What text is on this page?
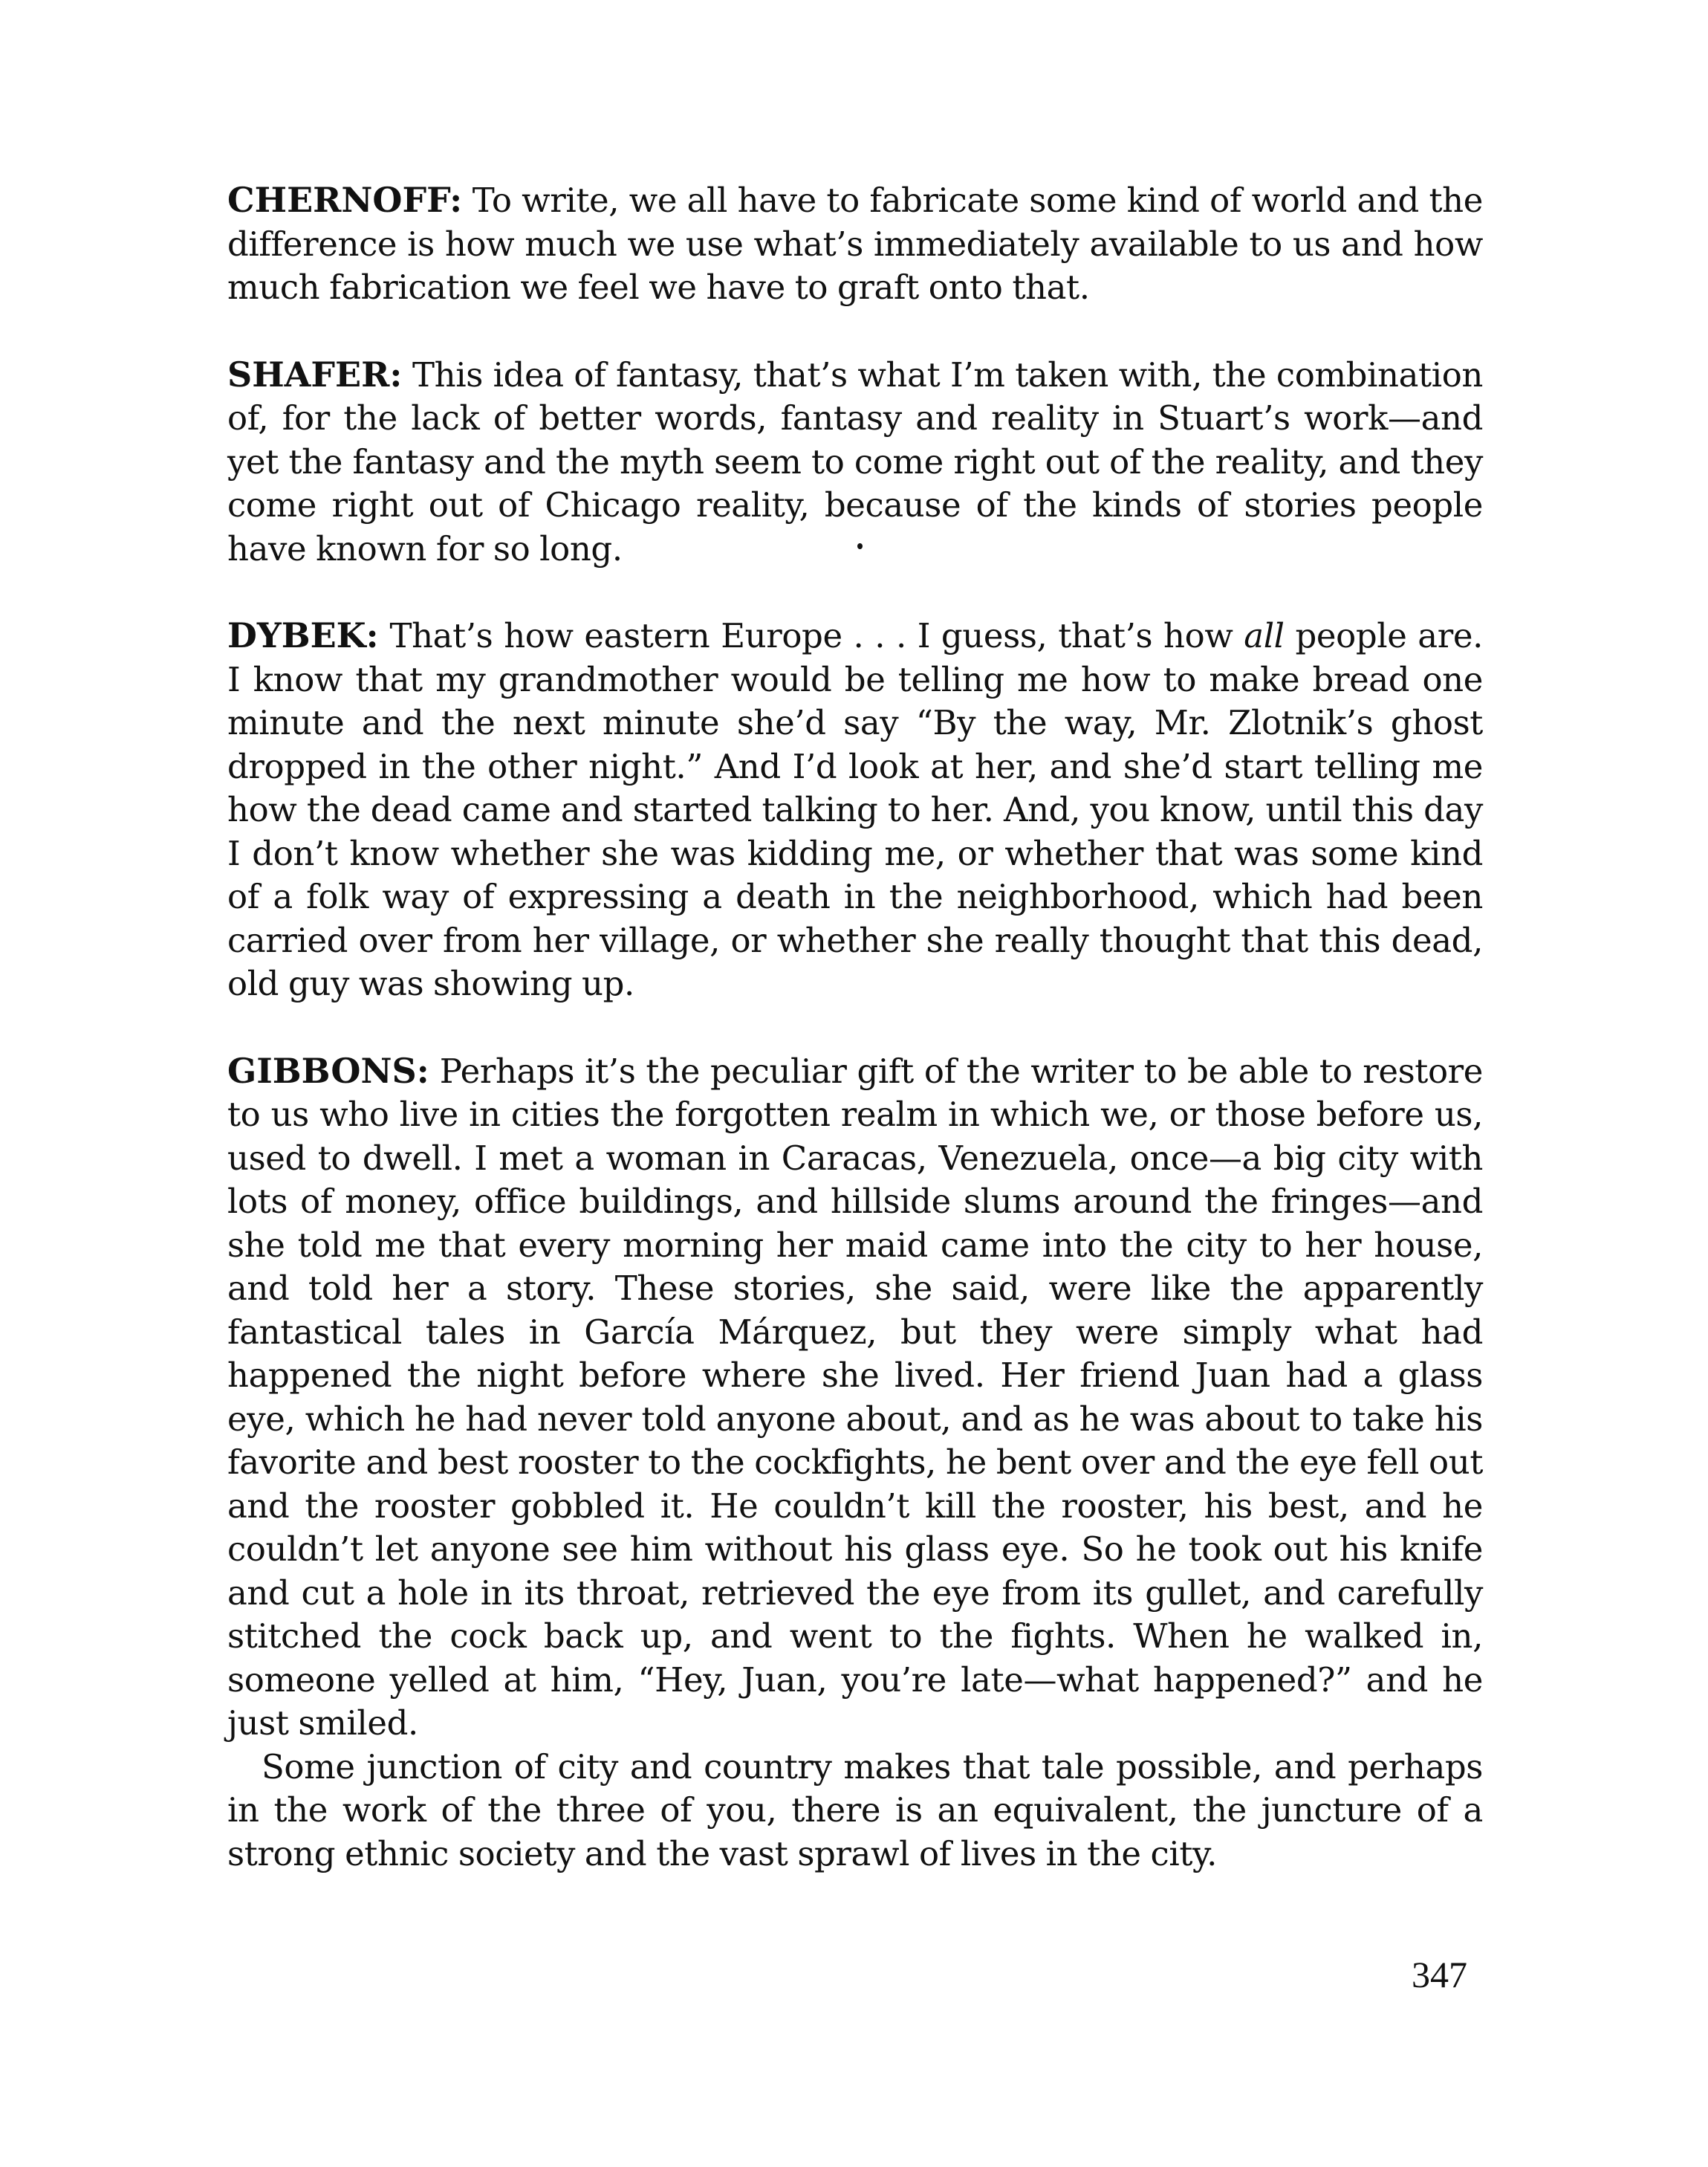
CHERNOFF: To write, we all have to fabricate some kind of world and the difference is how much we use what’s immediately available to us and how much fabrication we feel we have to graft onto that.

SHAFER: This idea of fantasy, that’s what I’m taken with, the combination of, for the lack of better words, fantasy and reality in Stuart’s work—and yet the fantasy and the myth seem to come right out of the reality, and they come right out of Chicago reality, because of the kinds of stories people have known for so long.

DYBEK: That’s how eastern Europe . . . I guess, that’s how all people are. I know that my grandmother would be telling me how to make bread one minute and the next minute she’d say “By the way, Mr. Zlotnik’s ghost dropped in the other night.” And I’d look at her, and she’d start telling me how the dead came and started talking to her. And, you know, until this day I don’t know whether she was kidding me, or whether that was some kind of a folk way of expressing a death in the neighborhood, which had been carried over from her village, or whether she really thought that this dead, old guy was showing up.

GIBBONS: Perhaps it’s the peculiar gift of the writer to be able to restore to us who live in cities the forgotten realm in which we, or those before us, used to dwell. I met a woman in Caracas, Venezuela, once—a big city with lots of money, office buildings, and hillside slums around the fringes—and she told me that every morning her maid came into the city to her house, and told her a story. These stories, she said, were like the apparently fantastical tales in García Márquez, but they were simply what had happened the night before where she lived. Her friend Juan had a glass eye, which he had never told anyone about, and as he was about to take his favorite and best rooster to the cockfights, he bent over and the eye fell out and the rooster gobbled it. He couldn’t kill the rooster, his best, and he couldn’t let anyone see him without his glass eye. So he took out his knife and cut a hole in its throat, retrieved the eye from its gullet, and carefully stitched the cock back up, and went to the fights. When he walked in, someone yelled at him, “Hey, Juan, you’re late—what happened?” and he just smiled.

Some junction of city and country makes that tale possible, and perhaps in the work of the three of you, there is an equivalent, the juncture of a strong ethnic society and the vast sprawl of lives in the city.

347
